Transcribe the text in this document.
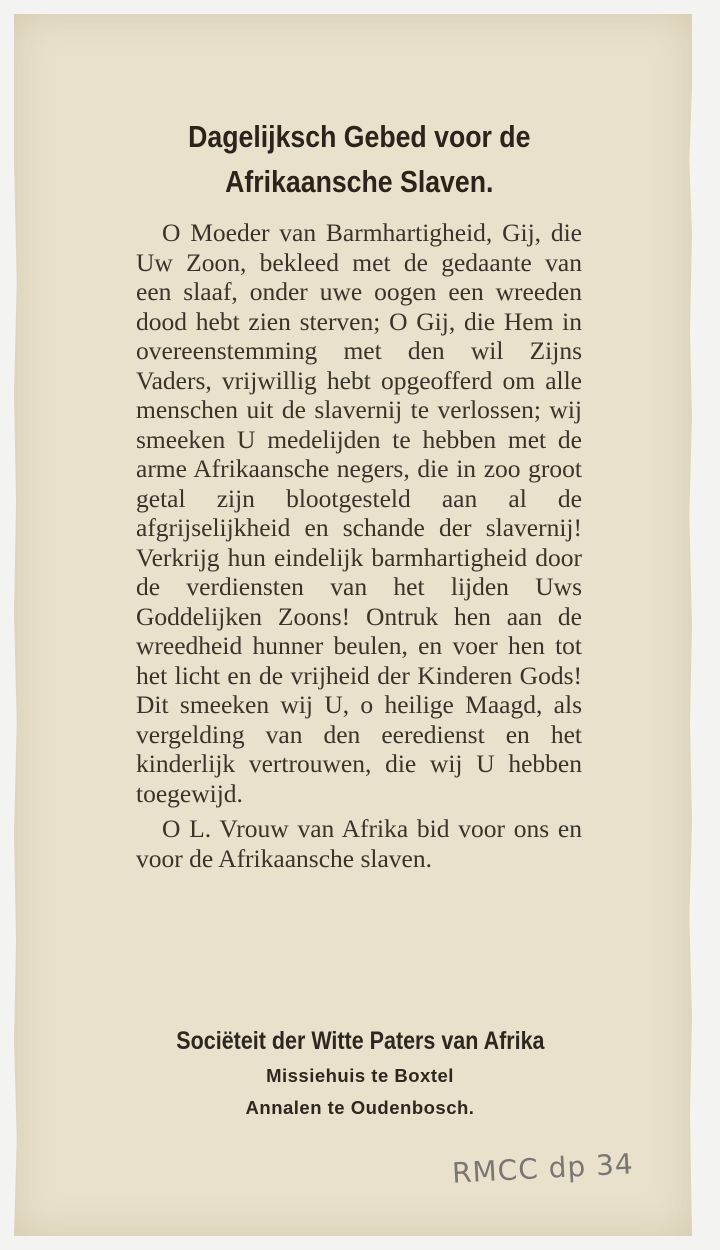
Dagelijksch Gebed voor de
Afrikaansche Slaven.

O Moeder van Barmhartigheid, Gij, die Uw Zoon, bekleed met de gedaante van een slaaf, onder uwe oogen een wreeden dood hebt zien sterven; O Gij, die Hem in overeenstemming met den wil Zijns Vaders, vrijwillig hebt opgeofferd om alle menschen uit de slavernij te verlossen; wij smeeken U medelijden te hebben met de arme Afrikaansche negers, die in zoo groot getal zijn blootgesteld aan al de afgrijselijkheid en schande der slavernij! Verkrijg hun eindelijk barmhartigheid door de verdiensten van het lijden Uws Goddelijken Zoons! Ontruk hen aan de wreedheid hunner beulen, en voer hen tot het licht en de vrijheid der Kinderen Gods! Dit smeeken wij U, o heilige Maagd, als vergelding van den eeredienst en het kinderlijk vertrouwen, die wij U hebben toegewijd.

O L. Vrouw van Afrika bid voor ons en voor de Afrikaansche slaven.

Sociëteit der Witte Paters van Afrika
Missiehuis te Boxtel
Annalen te Oudenbosch.
RMCC dp 34
